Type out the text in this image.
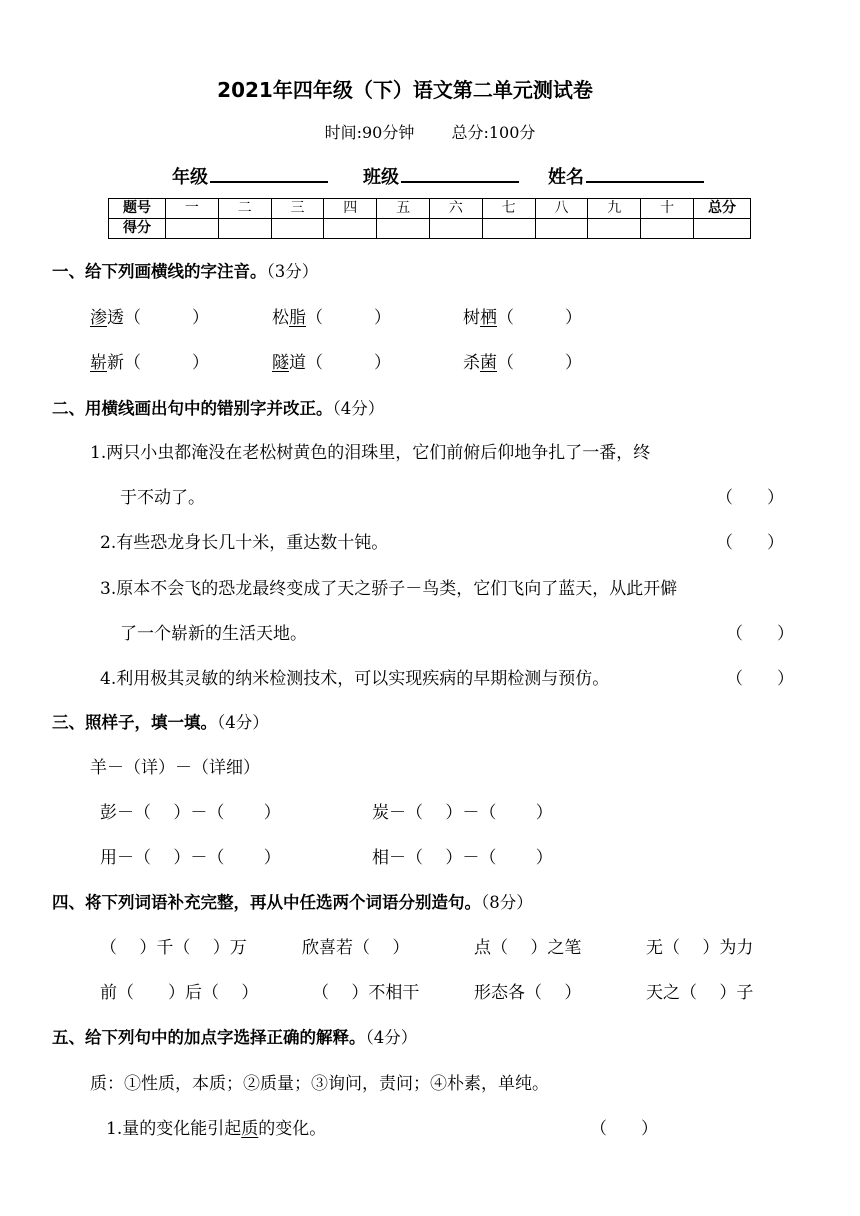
2021年四年级（下）语文第二单元测试卷
时间:90分钟 总分:100分
年级	班级	姓名
题号	一	二	三	四	五	六	七	八	九	十	总分
得分											
一、给下列画横线的字注音。（3分）
渗透（　　　）	松脂（　　　）	树栖（　　　）
崭新（　　　）	隧道（　　　）	杀菌（　　　）
二、用横线画出句中的错别字并改正。（4分）
1.两只小虫都淹没在老松树黄色的泪珠里，它们前俯后仰地争扎了一番，终
于不动了。	（　　）
2.有些恐龙身长几十米，重达数十钝。	（　　）
3.原本不会飞的恐龙最终变成了天之骄子－鸟类，它们飞向了蓝天，从此开僻
了一个崭新的生活天地。	（　　）
4.利用极其灵敏的纳米检测技术，可以实现疾病的早期检测与预仿。	（　　）
三、照样子，填一填。（4分）
羊－（详）－（详细）
彭－（　 ）－（　　 ）	炭－（　 ）－（　　 ）
用－（　 ）－（　　 ）	相－（　 ）－（　　 ）
四、将下列词语补充完整，再从中任选两个词语分别造句。（8分）
（　 ）千（　 ）万	欣喜若（　 ）	点（　 ）之笔	无（　 ）为力
前（　　）后（　 ）	（　 ）不相干	形态各（　 ）	天之（　 ）子
五、给下列句中的加点字选择正确的解释。（4分）
质：①性质，本质；②质量；③询问，责问；④朴素，单纯。
1.量的变化能引起质的变化。	（　　）
